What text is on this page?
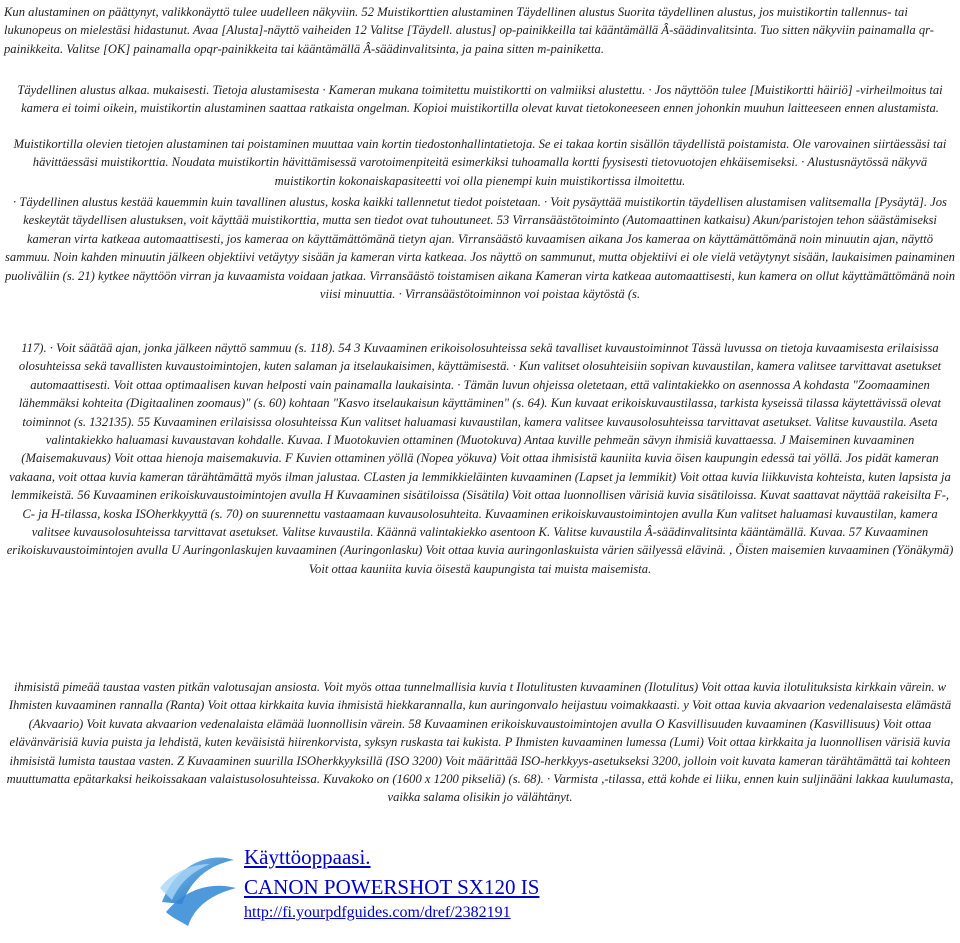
Kun alustaminen on päättynyt, valikkonäyttö tulee uudelleen näkyviin. 52 Muistikorttien alustaminen Täydellinen alustus Suorita täydellinen alustus, jos muistikortin tallennus- tai lukunopeus on mielestäsi hidastunut. Avaa [Alusta]-näyttö vaiheiden 12 Valitse [Täydell. alustus] op-painikkeilla tai kääntämällä Â-säädinvalitsinta. Tuo sitten näkyviin painamalla qr-painikkeita. Valitse [OK] painamalla opqr-painikkeita tai kääntämällä Â-säädinvalitsinta, ja paina sitten m-painiketta.

Täydellinen alustus alkaa. mukaisesti. Tietoja alustamisesta · Kameran mukana toimitettu muistikortti on valmiiksi alustettu. · Jos näyttöön tulee [Muistikortti häiriö] -virheilmoitus tai kamera ei toimi oikein, muistikortin alustaminen saattaa ratkaista ongelman. Kopioi muistikortilla olevat kuvat tietokoneeseen ennen johonkin muuhun laitteeseen ennen alustamista.

Muistikortilla olevien tietojen alustaminen tai poistaminen muuttaa vain kortin tiedostonhallintatietoja. Se ei takaa kortin sisällön täydellistä poistamista. Ole varovainen siirtäessäsi tai hävittäessäsi muistikorttia. Noudata muistikortin hävittämisessä varotoimenpiteitä esimerkiksi tuhoamalla kortti fyysisesti tietovuotojen ehkäisemiseksi. · Alustusnäytössä näkyvä muistikortin kokonaiskapasiteetti voi olla pienempi kuin muistikortissa ilmoitettu.

· Täydellinen alustus kestää kauemmin kuin tavallinen alustus, koska kaikki tallennetut tiedot poistetaan. · Voit pysäyttää muistikortin täydellisen alustamisen valitsemalla [Pysäytä]. Jos keskeytät täydellisen alustuksen, voit käyttää muistikorttia, mutta sen tiedot ovat tuhoutuneet. 53 Virransäästötoiminto (Automaattinen katkaisu) Akun/paristojen tehon säästämiseksi kameran virta katkeaa automaattisesti, jos kameraa on käyttämättömänä tietyn ajan. Virransäästö kuvaamisen aikana Jos kameraa on käyttämättömänä noin minuutin ajan, näyttö sammuu. Noin kahden minuutin jälkeen objektiivi vetäytyy sisään ja kameran virta katkeaa. Jos näyttö on sammunut, mutta objektiivi ei ole vielä vetäytynyt sisään, laukaisimen painaminen puoliväliin (s. 21) kytkee näyttöön virran ja kuvaamista voidaan jatkaa. Virransäästö toistamisen aikana Kameran virta katkeaa automaattisesti, kun kamera on ollut käyttämättömänä noin viisi minuuttia. · Virransäästötoiminnon voi poistaa käytöstä (s.

117). · Voit säätää ajan, jonka jälkeen näyttö sammuu (s. 118). 54 3 Kuvaaminen erikoisolosuhteissa sekä tavalliset kuvaustoiminnot Tässä luvussa on tietoja kuvaamisesta erilaisissa olosuhteissa sekä tavallisten kuvaustoimintojen, kuten salaman ja itselaukaisimen, käyttämisestä. · Kun valitset olosuhteisiin sopivan kuvaustilan, kamera valitsee tarvittavat asetukset automaattisesti. Voit ottaa optimaalisen kuvan helposti vain painamalla laukaisinta. · Tämän luvun ohjeissa oletetaan, että valintakiekko on asennossa A kohdasta "Zoomaaminen lähemmäksi kohteita (Digitaalinen zoomaus)" (s. 60) kohtaan "Kasvo itselaukaisun käyttäminen" (s. 64). Kun kuvaat erikoiskuvaustilassa, tarkista kyseissä tilassa käytettävissä olevat toiminnot (s. 132135). 55 Kuvaaminen erilaisissa olosuhteissa Kun valitset haluamasi kuvaustilan, kamera valitsee kuvausolosuhteissa tarvittavat asetukset. Valitse kuvaustila. Aseta valintakiekko haluamasi kuvaustavan kohdalle. Kuvaa. I Muotokuvien ottaminen (Muotokuva) Antaa kuville pehmeän sävyn ihmisiä kuvattaessa. J Maiseminen kuvaaminen (Maisemakuvaus) Voit ottaa hienoja maisemakuvia. F Kuvien ottaminen yöllä (Nopea yökuva) Voit ottaa ihmisistä kauniita kuvia öisen kaupungin edessä tai yöllä. Jos pidät kameran vakaana, voit ottaa kuvia kameran tärähtämättä myös ilman jalustaa. CLasten ja lemmikkieläinten kuvaaminen (Lapset ja lemmikit) Voit ottaa kuvia liikkuvista kohteista, kuten lapsista ja lemmikeistä. 56 Kuvaaminen erikoiskuvaustoimintojen avulla H Kuvaaminen sisätiloissa (Sisätila) Voit ottaa luonnollisen värisiä kuvia sisätiloissa. Kuvat saattavat näyttää rakeisilta F-, C- ja H-tilassa, koska ISOherkkyyttä (s. 70) on suurennettu vastaamaan kuvausolosuhteita. Kuvaaminen erikoiskuvaustoimintojen avulla Kun valitset haluamasi kuvaustilan, kamera valitsee kuvausolosuhteissa tarvittavat asetukset. Valitse kuvaustila. Käännä valintakiekko asentoon K. Valitse kuvaustila Â-säädinvalitsinta kääntämällä. Kuvaa. 57 Kuvaaminen erikoiskuvaustoimintojen avulla U Auringonlaskujen kuvaaminen (Auringonlasku) Voit ottaa kuvia auringonlaskuista värien säilyessä elävinä. , Öisten maisemien kuvaaminen (Yönäkymä) Voit ottaa kauniita kuvia öisestä kaupungista tai muista maisemista.

ihmisistä pimeää taustaa vasten pitkän valotusajan ansiosta. Voit myös ottaa tunnelmallisia kuvia t Ilotulitusten kuvaaminen (Ilotulitus) Voit ottaa kuvia ilotulituksista kirkkain värein. w Ihmisten kuvaaminen rannalla (Ranta) Voit ottaa kirkkaita kuvia ihmisistä hiekkarannalla, kun auringonvalo heijastuu voimakkaasti. y Voit ottaa kuvia akvaarion vedenalaisesta elämästä (Akvaario) Voit kuvata akvaarion vedenalaista elämää luonnollisin värein. 58 Kuvaaminen erikoiskuvaustoimintojen avulla O Kasvillisuuden kuvaaminen (Kasvillisuus) Voit ottaa elävänvärisiä kuvia puista ja lehdistä, kuten keväisistä hiirenkorvista, syksyn ruskasta tai kukista. P Ihmisten kuvaaminen lumessa (Lumi) Voit ottaa kirkkaita ja luonnollisen värisiä kuvia ihmisistä lumista taustaa vasten. Z Kuvaaminen suurilla ISOherkkyyksillä (ISO 3200) Voit määrittää ISO-herkkyys-asetukseksi 3200, jolloin voit kuvata kameran tärähtämättä tai kohteen muuttumatta epätarkaksi heikoissakaan valaistusolosuhteissa. Kuvakoko on (1600 x 1200 pikseliä) (s. 68). · Varmista ,-tilassa, että kohde ei liiku, ennen kuin suljinääni lakkaa kuulumasta, vaikka salama olisikin jo välähtänyt.

Käyttöoppaasi.
CANON POWERSHOT SX120 IS
http://fi.yourpdfguides.com/dref/2382191
